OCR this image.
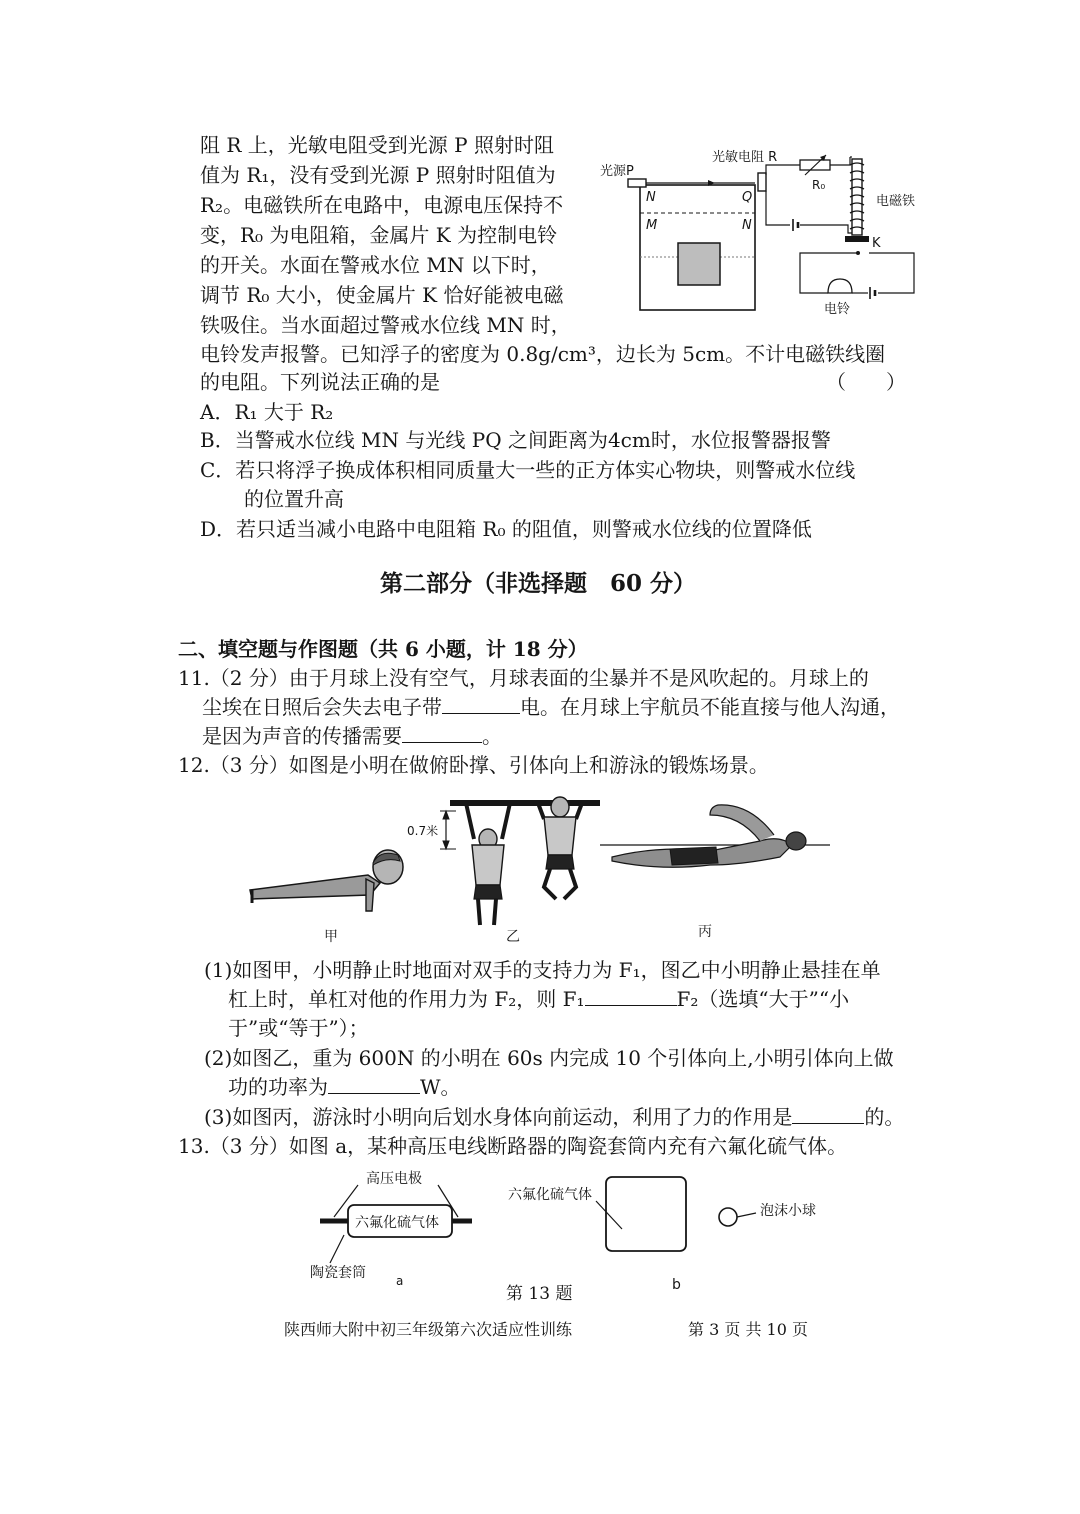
阻 R 上，光敏电阻受到光源 P 照射时阻
值为 R₁，没有受到光源 P 照射时阻值为
R₂。电磁铁所在电路中，电源电压保持不
变，R₀ 为电阻箱，金属片 K 为控制电铃
的开关。水面在警戒水位 MN 以下时，
调节 R₀ 大小，使金属片 K 恰好能被电磁
铁吸住。当水面超过警戒水位线 MN 时，
电铃发声报警。已知浮子的密度为 0.8g/cm³，边长为 5cm。不计电磁铁线圈
的电阻。下列说法正确的是	（　　）
A．R₁ 大于 R₂
B．当警戒水位线 MN 与光线 PQ 之间距离为4cm时，水位报警器报警
C．若只将浮子换成体积相同质量大一些的正方体实心物块，则警戒水位线
的位置升高
D．若只适当减小电路中电阻箱 R₀ 的阻值，则警戒水位线的位置降低
光源P
光敏电阻 R
R₀
电磁铁
K
电铃
N	Q
M	N
第二部分（非选择题　60 分）
二、填空题与作图题（共 6 小题，计 18 分）
11.（2 分）由于月球上没有空气，月球表面的尘暴并不是风吹起的。月球上的
尘埃在日照后会失去电子带	电。在月球上宇航员不能直接与他人沟通，
是因为声音的传播需要	。
12.（3 分）如图是小明在做俯卧撑、引体向上和游泳的锻炼场景。
0.7米
甲	乙	丙
(1)如图甲，小明静止时地面对双手的支持力为 F₁，图乙中小明静止悬挂在单
杠上时，单杠对他的作用力为 F₂，则 F₁	F₂（选填“大于”“小
于”或“等于”）；
(2)如图乙，重为 600N 的小明在 60s 内完成 10 个引体向上,小明引体向上做
功的功率为	W。
(3)如图丙，游泳时小明向后划水身体向前运动，利用了力的作用是	的。
13.（3 分）如图 a，某种高压电线断路器的陶瓷套筒内充有六氟化硫气体。
高压电极
六氟化硫气体
陶瓷套筒	a
六氟化硫气体
泡沫小球
b
第 13 题
陕西师大附中初三年级第六次适应性训练	第 3 页 共 10 页
